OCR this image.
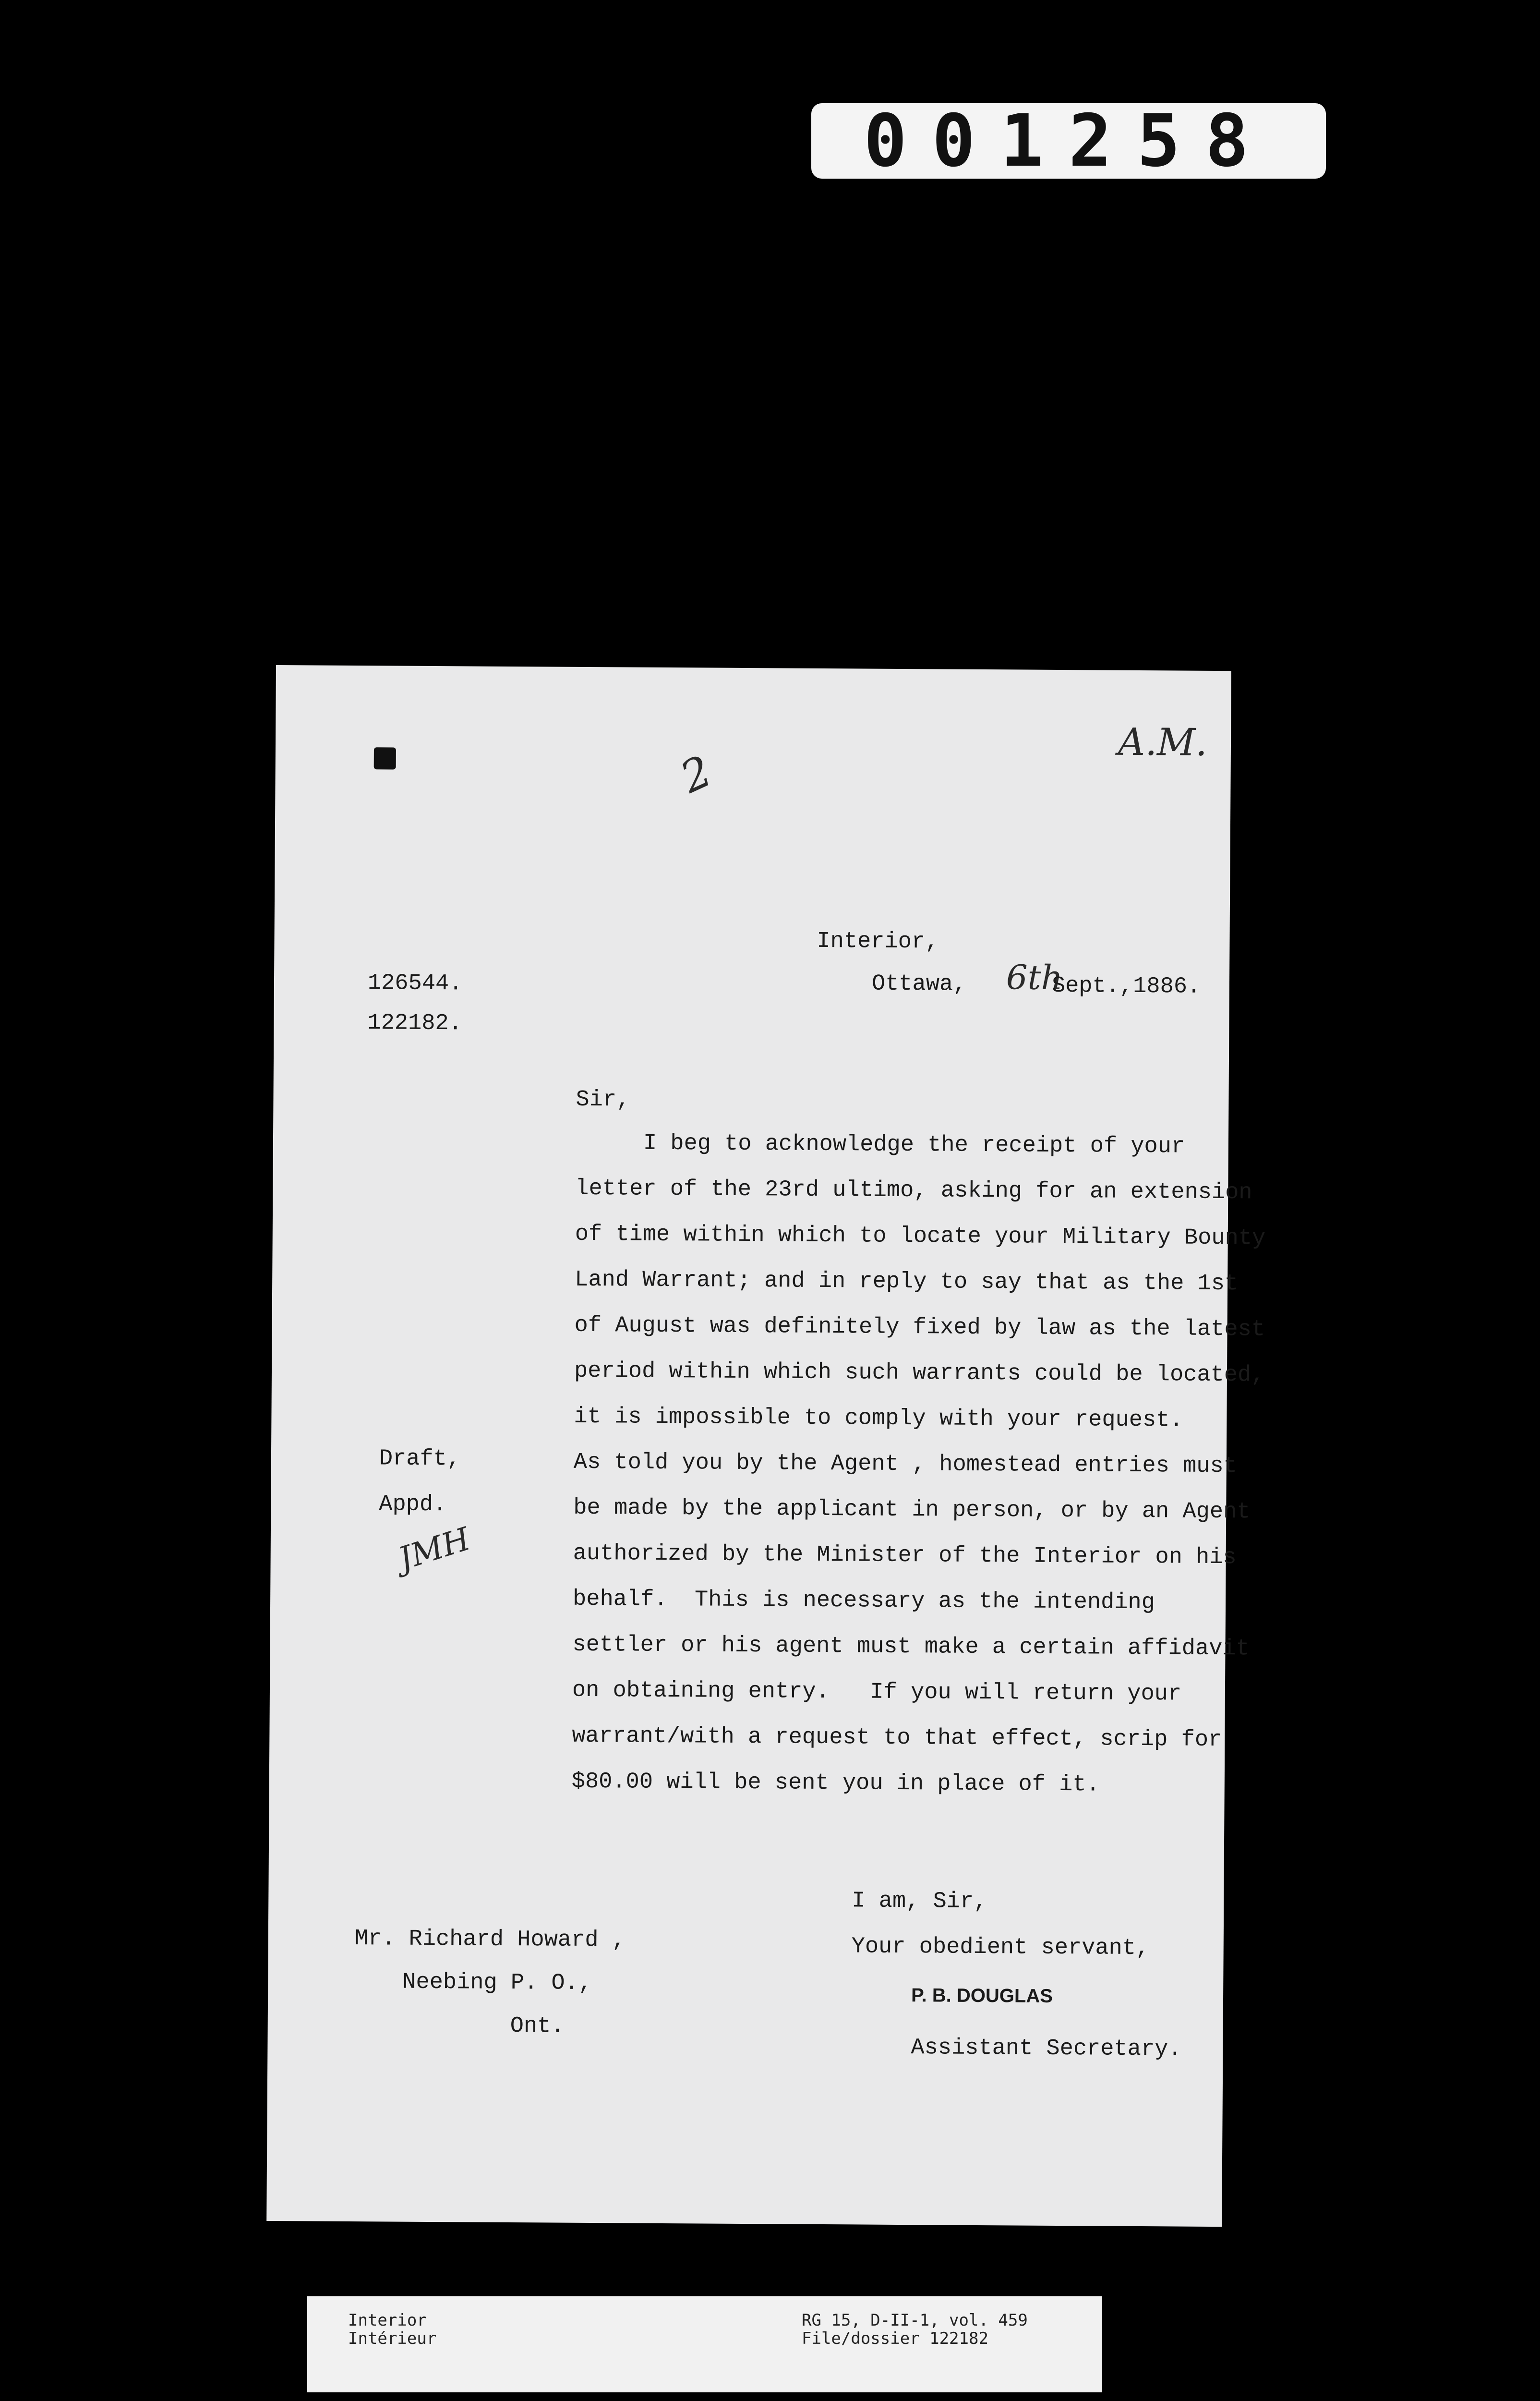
001258
A.M.
2
Interior,
Ottawa, 6th
Sept.,1886.
126544.
122182.
Sir,
I beg to acknowledge the receipt of your
letter of the 23rd ultimo, asking for an extension
of time within which to locate your Military Bounty
Land Warrant; and in reply to say that as the 1st
of August was definitely fixed by law as the latest
period within which such warrants could be located,
it is impossible to comply with your request.
As told you by the Agent , homestead entries must
be made by the applicant in person, or by an Agent
authorized by the Minister of the Interior on his
behalf.  This is necessary as the intending
settler or his agent must make a certain affidavit
on obtaining entry.   If you will return your
warrant/with a request to that effect, scrip for
$80.00 will be sent you in place of it.
Draft,
Appd.
JMH
I am, Sir,
Your obedient servant,
P. B. DOUGLAS
Assistant Secretary.
Mr. Richard Howard ,
Neebing P. O.,
Ont.
Interior
Intérieur
RG 15, D-II-1, vol. 459
File/dossier 122182
